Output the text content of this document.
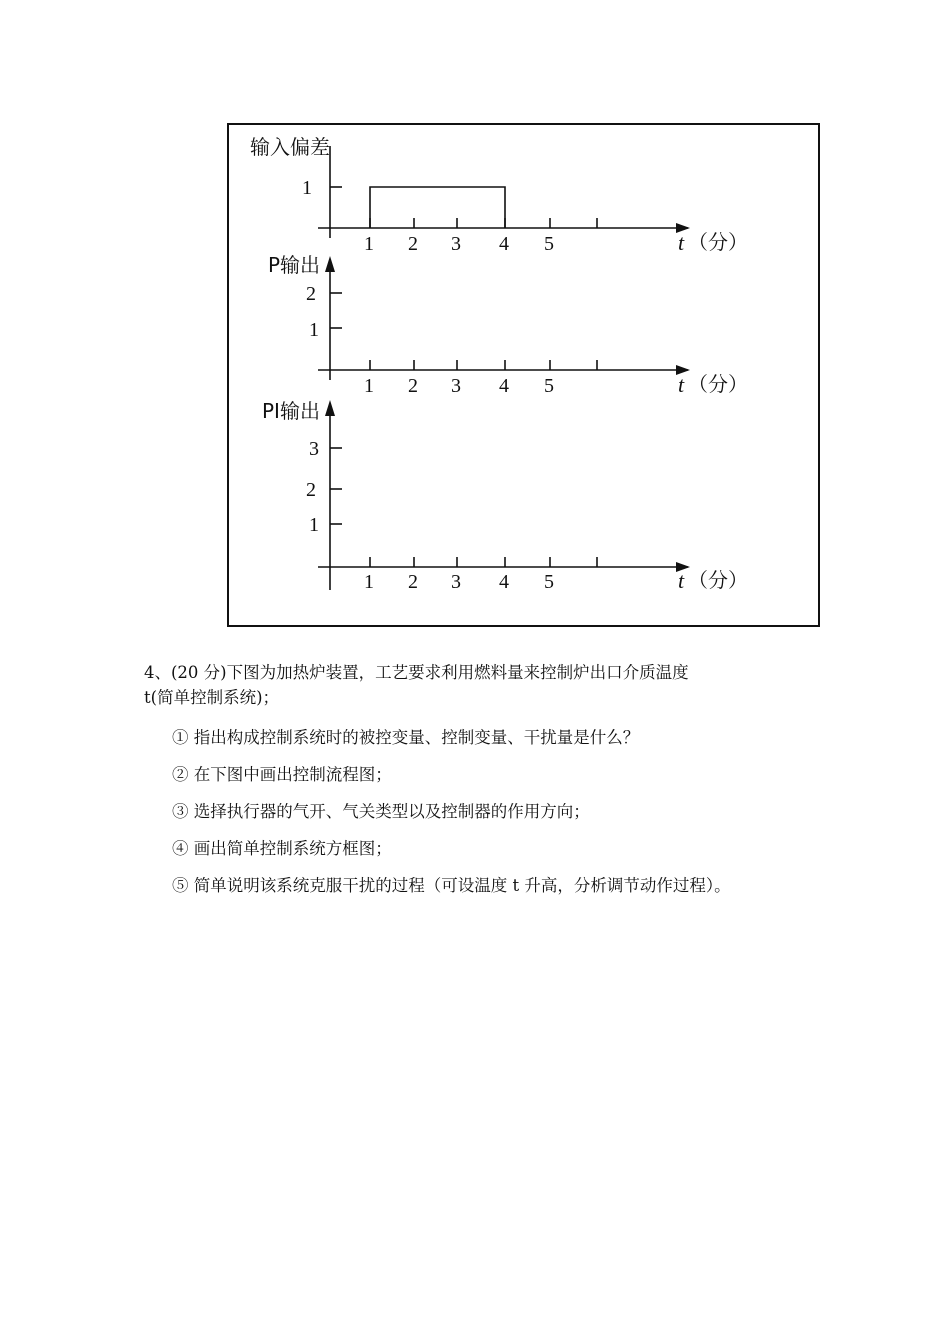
输入偏差
1
1 2 3 4 5	t （分）
P输出
2
1
1 2 3 4 5	t （分）
PI输出
3
2
1
1 2 3 4 5	t （分）
4、(20 分)下图为加热炉装置，工艺要求利用燃料量来控制炉出口介质温度
t(简单控制系统)；
① 指出构成控制系统时的被控变量、控制变量、干扰量是什么？
② 在下图中画出控制流程图；
③ 选择执行器的气开、气关类型以及控制器的作用方向；
④ 画出简单控制系统方框图；
⑤ 简单说明该系统克服干扰的过程（可设温度 t 升高，分析调节动作过程）。
